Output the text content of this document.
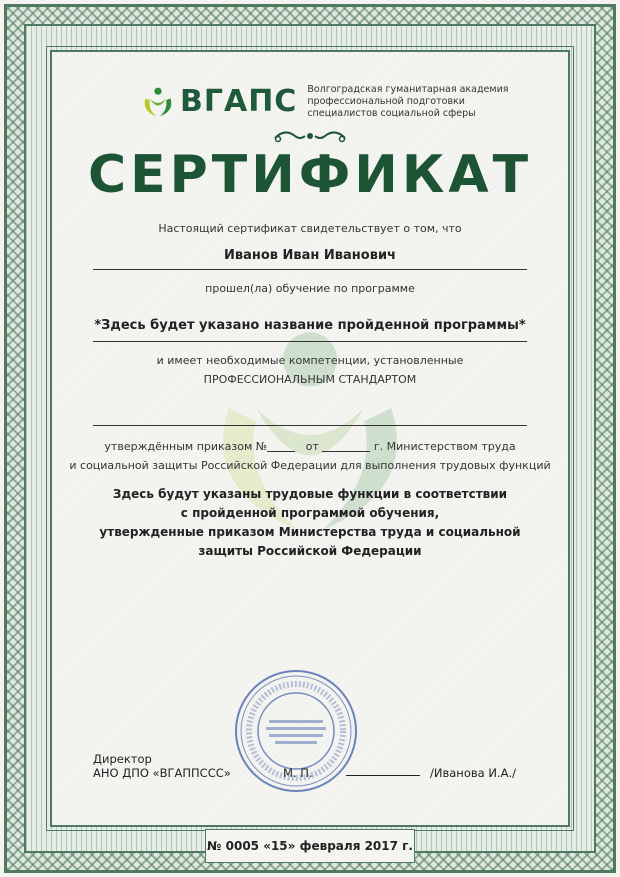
ВГАПС Волгоградская гуманитарная академия
профессиональной подготовки
специалистов социальной сферы
СЕРТИФИКАТ
Настоящий сертификат свидетельствует о том, что
Иванов Иван Иванович
прошел(ла) обучение по программе
*Здесь будет указано название пройденной программы*
и имеет необходимые компетенции, установленные
ПРОФЕССИОНАЛЬНЫМ СТАНДАРТОМ
утверждённым приказом №	от	г. Министерством труда
и социальной защиты Российской Федерации для выполнения трудовых функций
Здесь будут указаны трудовые функции в соответствии
с пройденной программой обучения,
утвержденные приказом Министерства труда и социальной
защиты Российской Федерации
Директор
АНО ДПО «ВГАППССС»	М. П.	/Иванова И.А./
№ 0005 «15» февраля 2017 г.
